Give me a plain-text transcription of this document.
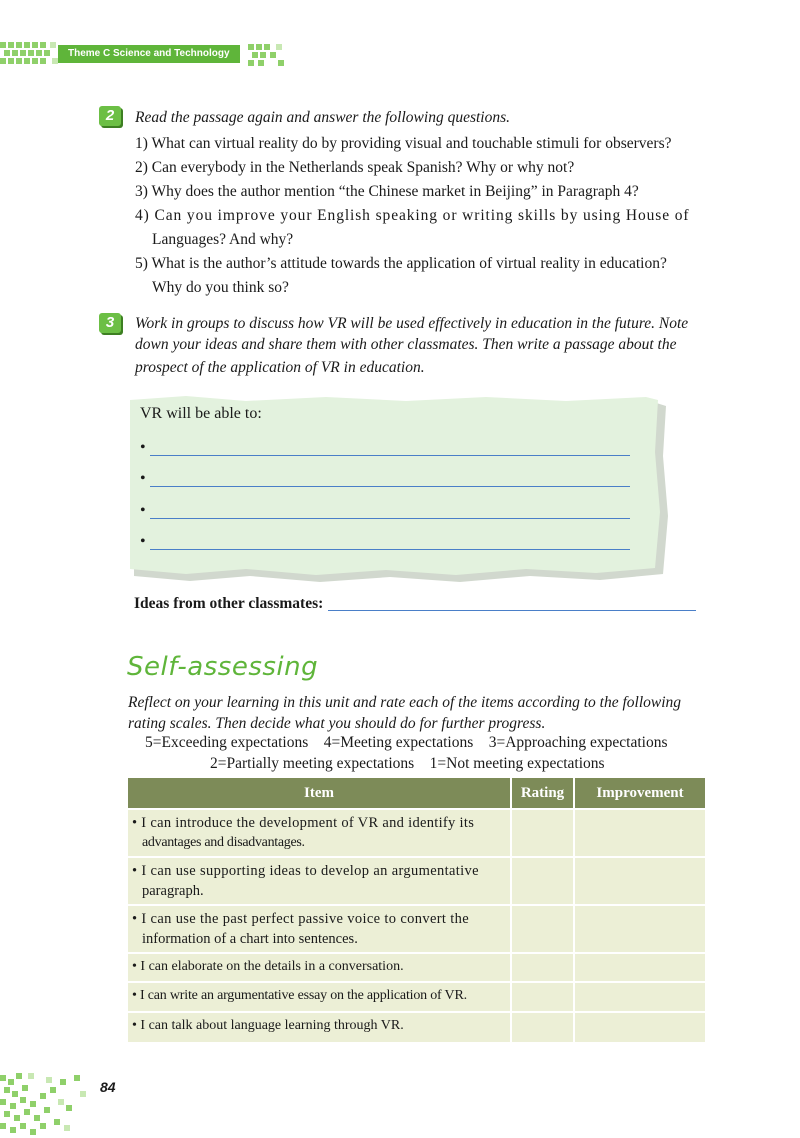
Theme C Science and Technology
2	Read the passage again and answer the following questions.
1) What can virtual reality do by providing visual and touchable stimuli for observers?
2) Can everybody in the Netherlands speak Spanish? Why or why not?
3) Why does the author mention “the Chinese market in Beijing” in Paragraph 4?
4) Can you improve your English speaking or writing skills by using House of
Languages? And why?
5) What is the author’s attitude towards the application of virtual reality in education?
Why do you think so?
3	Work in groups to discuss how VR will be used effectively in education in the future. Note
down your ideas and share them with other classmates. Then write a passage about the
prospect of the application of VR in education.
VR will be able to:
•
•
•
•
Ideas from other classmates:
Self-assessing
Reflect on your learning in this unit and rate each of the items according to the following
rating scales. Then decide what you should do for further progress.
5=Exceeding expectations    4=Meeting expectations    3=Approaching expectations
2=Partially meeting expectations    1=Not meeting expectations
Item	Rating	Improvement

• I can introduce the development of VR and identify its
advantages and disadvantages.		

• I can use supporting ideas to develop an argumentative
paragraph.		

• I can use the past perfect passive voice to convert the
information of a chart into sentences.		

• I can elaborate on the details in a conversation.		

• I can write an argumentative essay on the application of VR.		

• I can talk about language learning through VR.		

84
